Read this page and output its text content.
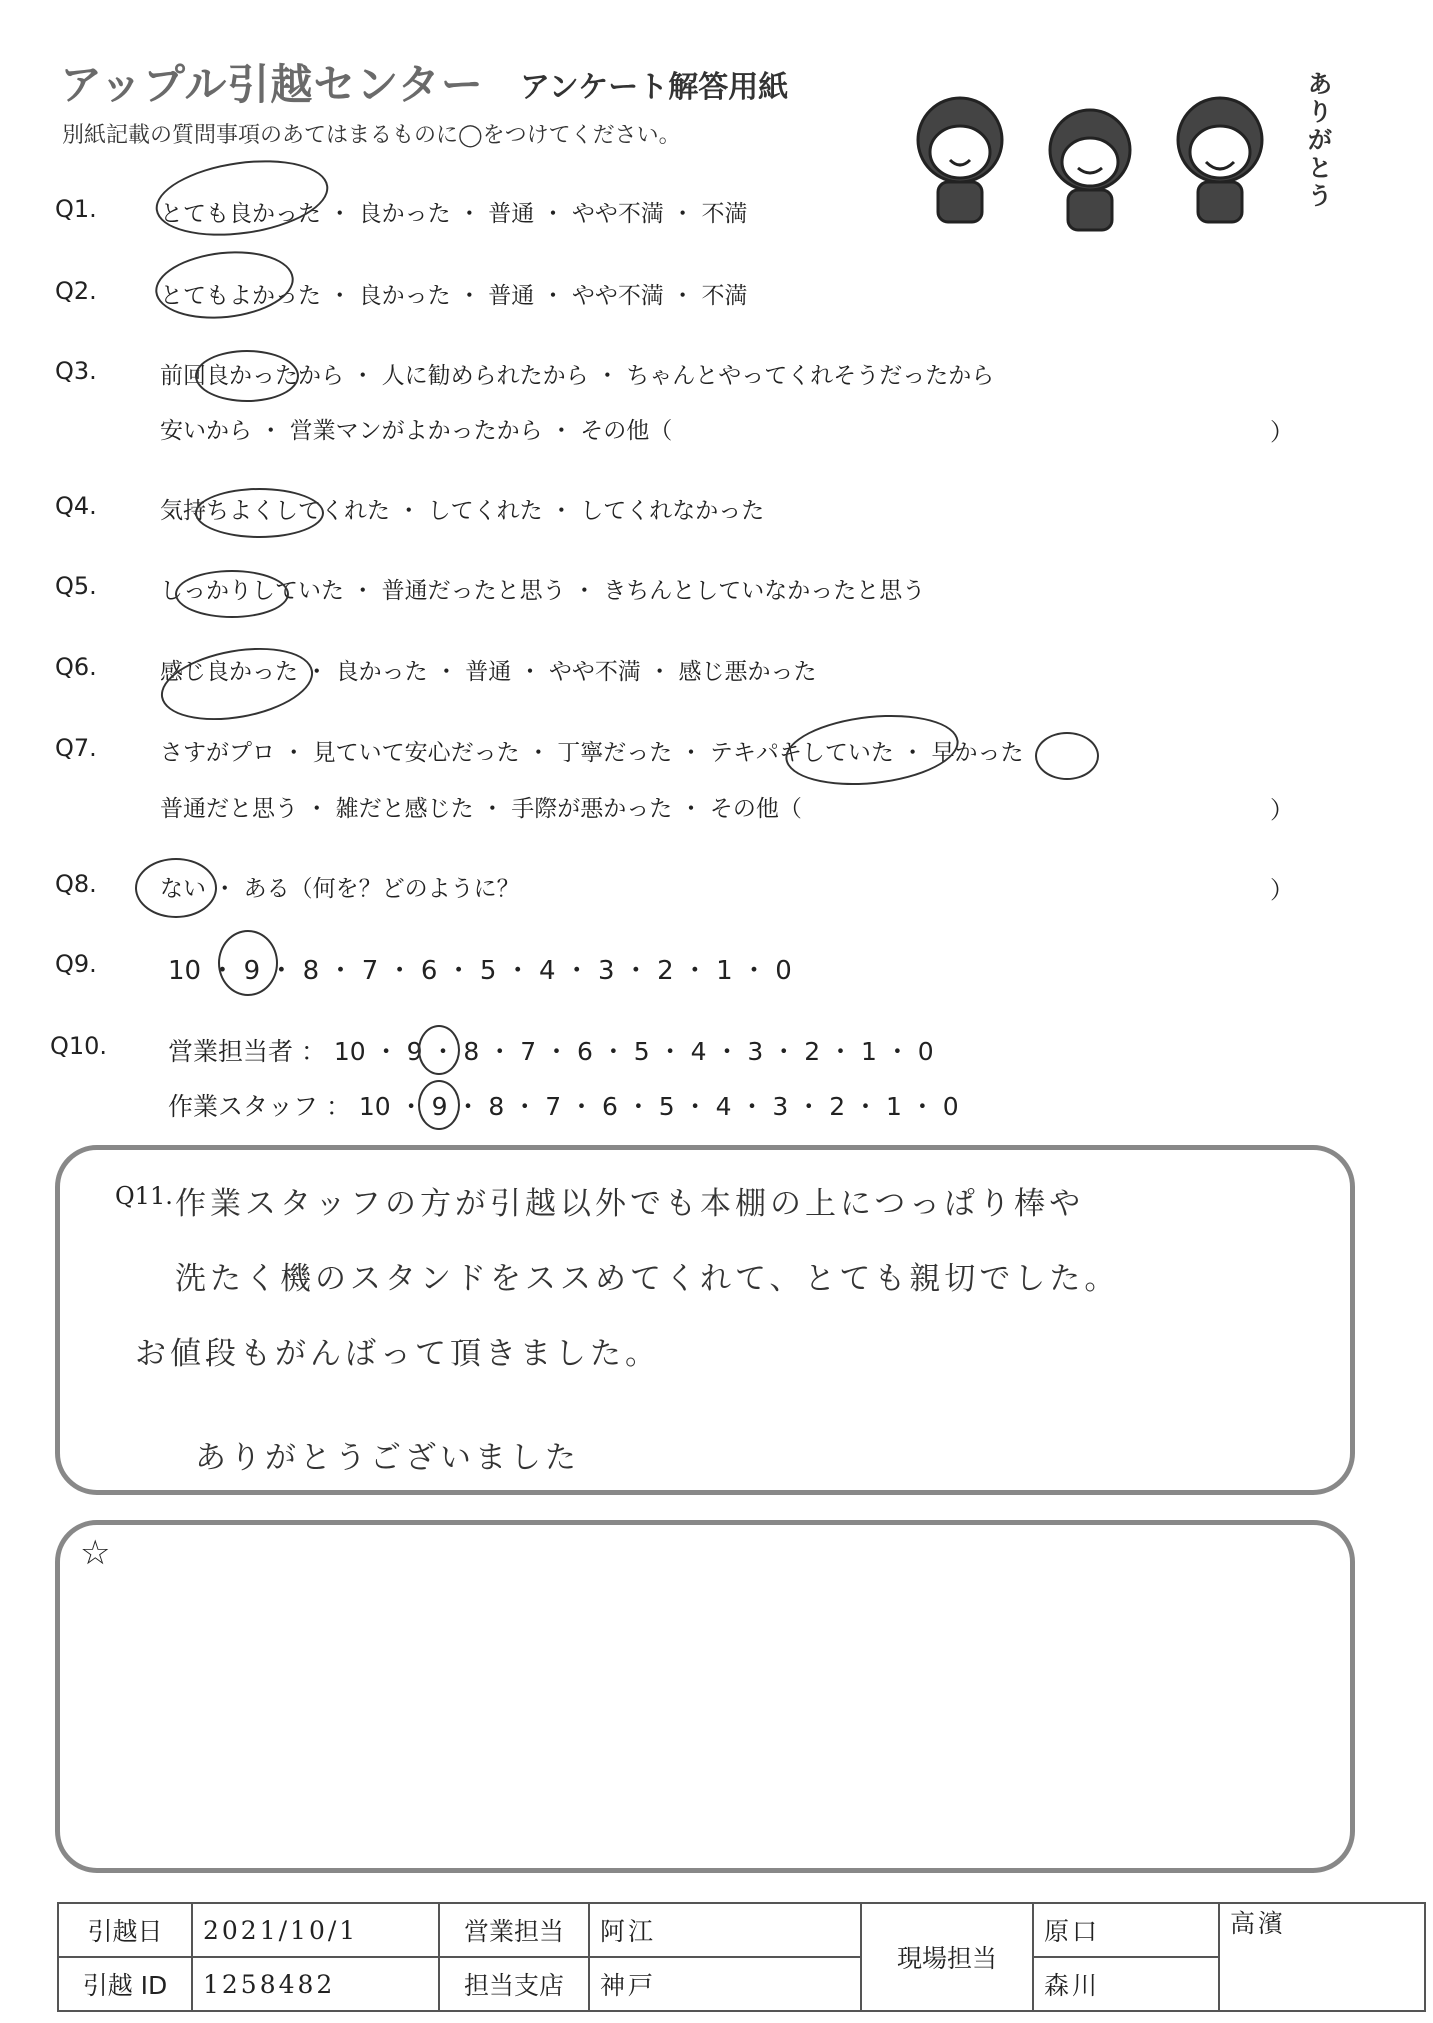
アップル引越センター アンケート解答用紙
別紙記載の質問事項のあてはまるものに◯をつけてください。
ありがとう
Q1.	とても良かった ・ 良かった ・ 普通 ・ やや不満 ・ 不満
Q2.	とてもよかった ・ 良かった ・ 普通 ・ やや不満 ・ 不満
Q3.	前回良かったから ・ 人に勧められたから ・ ちゃんとやってくれそうだったから
安いから ・ 営業マンがよかったから ・ その他（	）
Q4.	気持ちよくしてくれた ・ してくれた ・ してくれなかった
Q5.	しっかりしていた ・ 普通だったと思う ・ きちんとしていなかったと思う
Q6.	感じ良かった ・ 良かった ・ 普通 ・ やや不満 ・ 感じ悪かった
Q7.	さすがプロ ・ 見ていて安心だった ・ 丁寧だった ・ テキパキしていた ・ 早かった
普通だと思う ・ 雑だと感じた ・ 手際が悪かった ・ その他（	）
Q8.	ない ・ ある（何を？どのように？	）
Q9.	10 ・ 9 ・ 8 ・ 7 ・ 6 ・ 5 ・ 4 ・ 3 ・ 2 ・ 1 ・ 0
Q10. 営業担当者 ： 10 ・ 9 ・ 8 ・ 7 ・ 6 ・ 5 ・ 4 ・ 3 ・ 2 ・ 1 ・ 0
作業スタッフ ： 10 ・ 9 ・ 8 ・ 7 ・ 6 ・ 5 ・ 4 ・ 3 ・ 2 ・ 1 ・ 0
Q11. 作業スタッフの方が引越以外でも本棚の上につっぱり棒や
洗たく機のスタンドをススめてくれて、とても親切でした。
お値段もがんばって頂きました。
ありがとうございました
☆
引越日	2021/10/1	営業担当	阿江	現場担当	原口	高濱
引越 ID	1258482	担当支店	神戸		森川	
